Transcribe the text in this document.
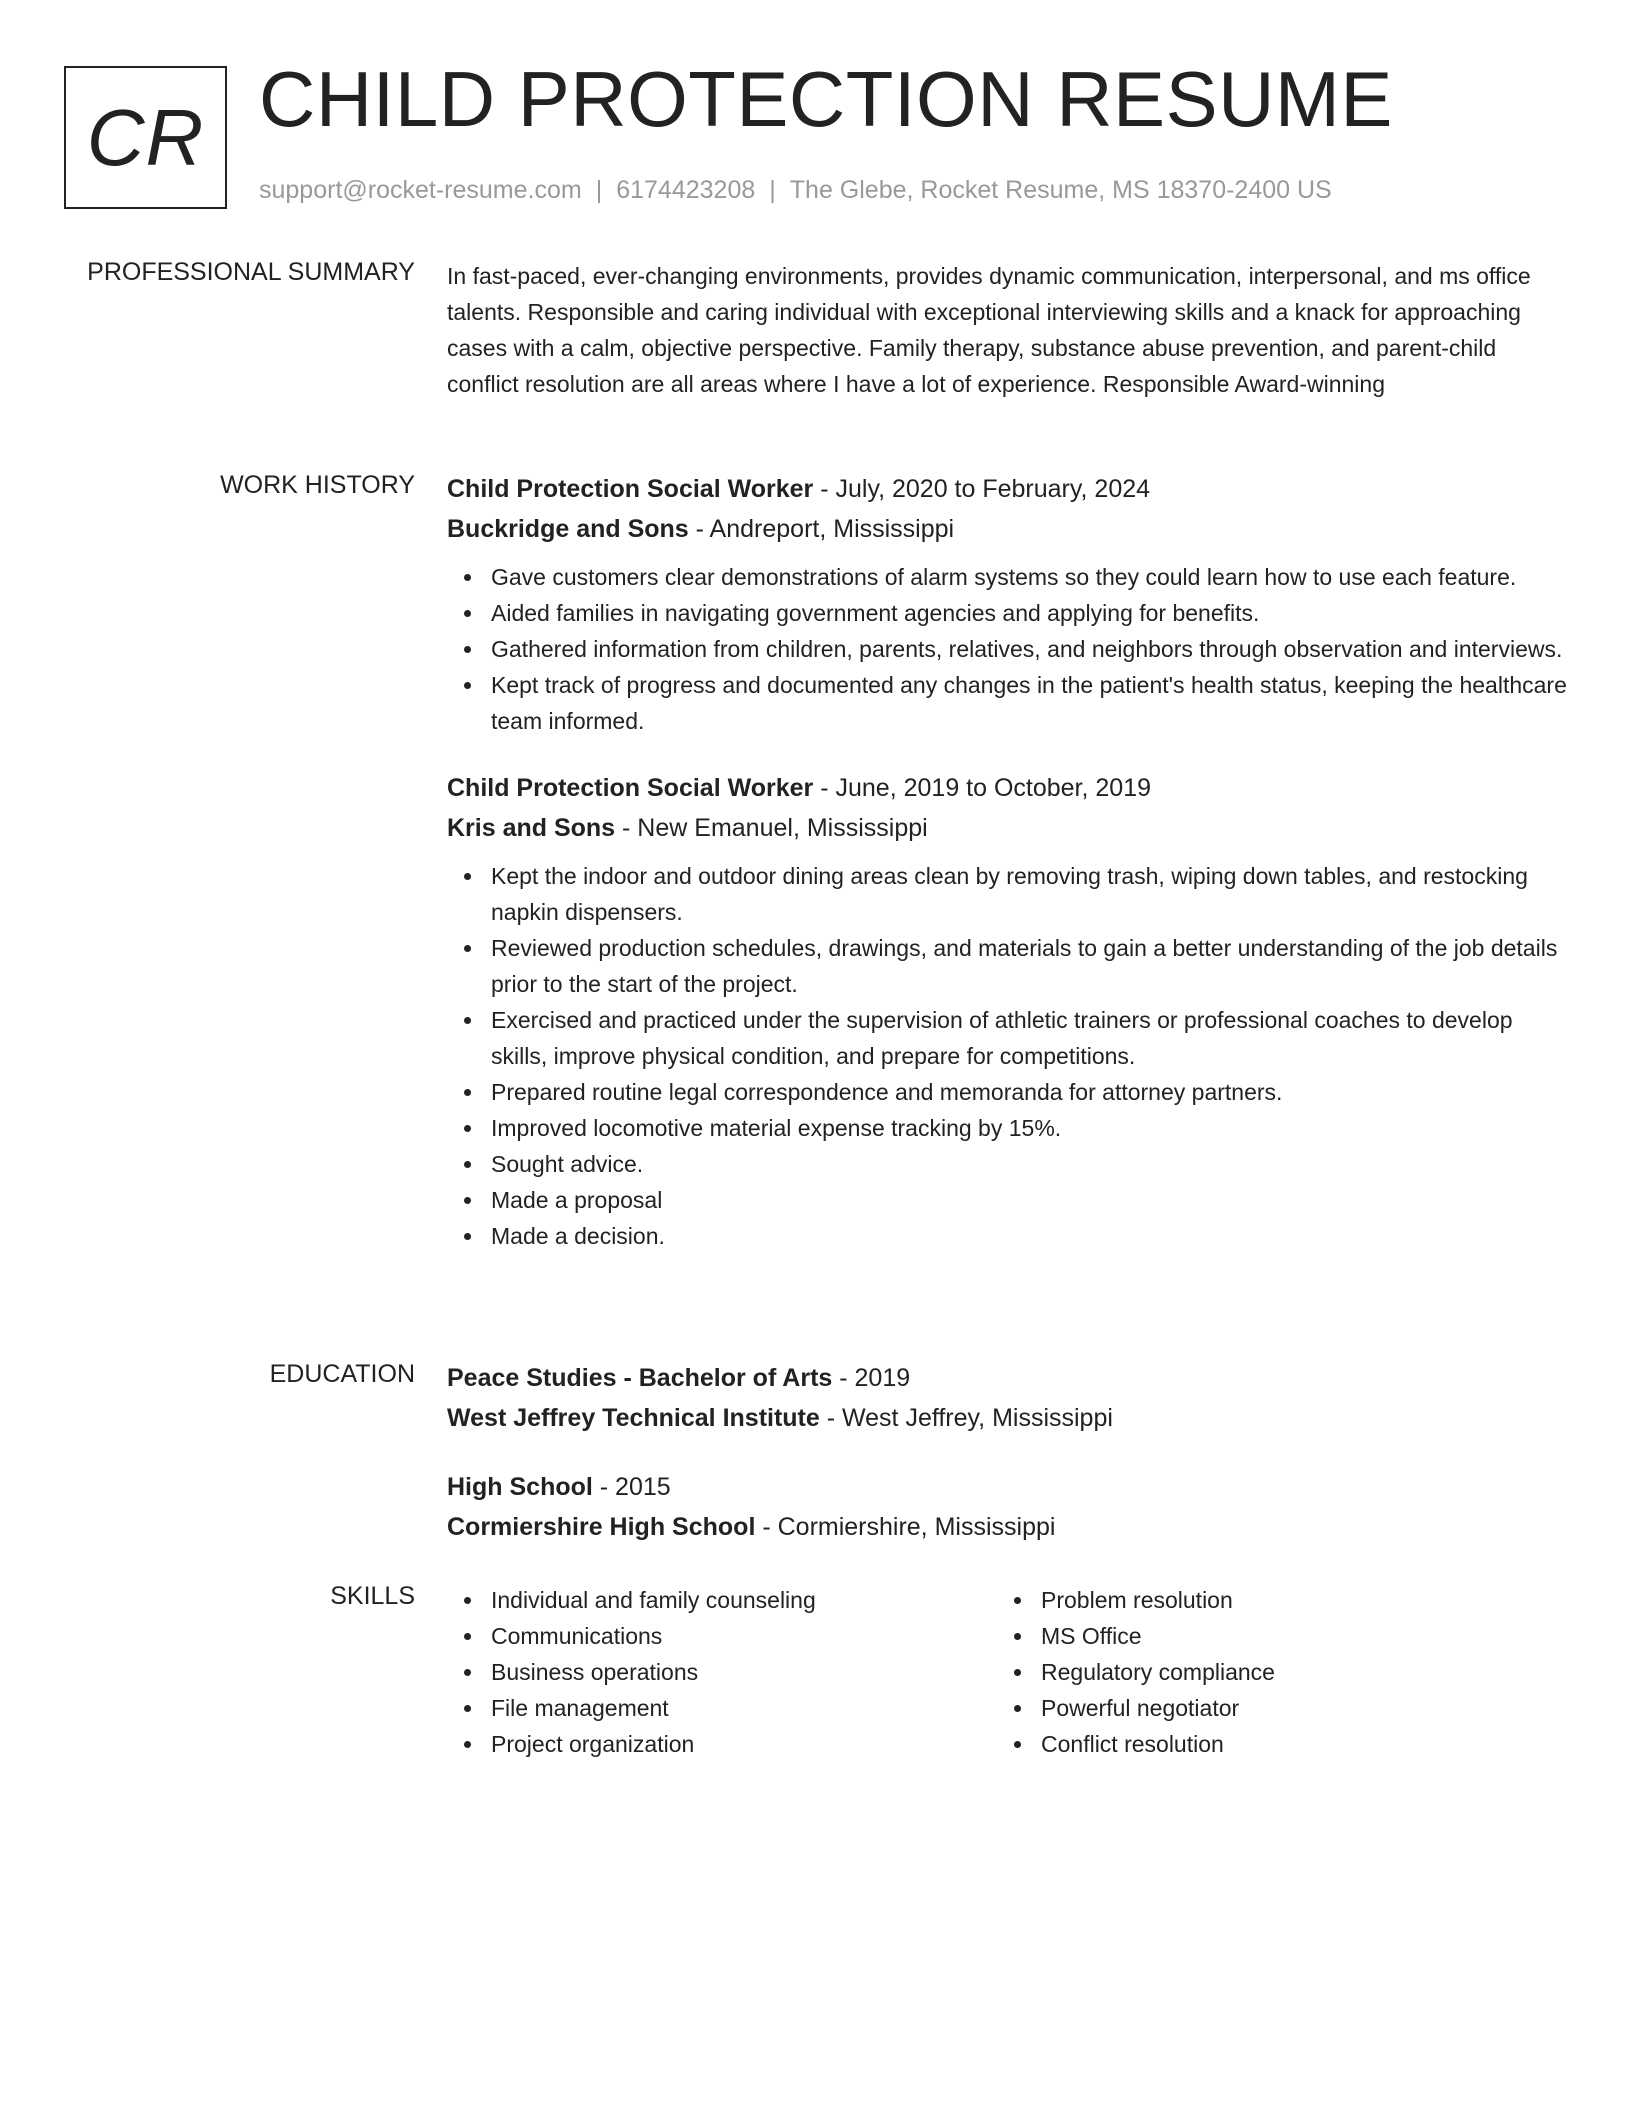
CR CHILD PROTECTION RESUME
support@rocket-resume.com | 6174423208 | The Glebe, Rocket Resume, MS 18370-2400 US
PROFESSIONAL SUMMARY In fast-paced, ever-changing environments, provides dynamic communication, interpersonal, and ms office talents. Responsible and caring individual with exceptional interviewing skills and a knack for approaching cases with a calm, objective perspective. Family therapy, substance abuse prevention, and parent-child conflict resolution are all areas where I have a lot of experience. Responsible Award-winning
WORK HISTORY Child Protection Social Worker - July, 2020 to February, 2024
Buckridge and Sons - Andreport, Mississippi
Gave customers clear demonstrations of alarm systems so they could learn how to use each feature.
Aided families in navigating government agencies and applying for benefits.
Gathered information from children, parents, relatives, and neighbors through observation and interviews.
Kept track of progress and documented any changes in the patient's health status, keeping the healthcare team informed.
Child Protection Social Worker - June, 2019 to October, 2019
Kris and Sons - New Emanuel, Mississippi
Kept the indoor and outdoor dining areas clean by removing trash, wiping down tables, and restocking napkin dispensers.
Reviewed production schedules, drawings, and materials to gain a better understanding of the job details prior to the start of the project.
Exercised and practiced under the supervision of athletic trainers or professional coaches to develop skills, improve physical condition, and prepare for competitions.
Prepared routine legal correspondence and memoranda for attorney partners.
Improved locomotive material expense tracking by 15%.
Sought advice.
Made a proposal
Made a decision.
EDUCATION Peace Studies - Bachelor of Arts - 2019
West Jeffrey Technical Institute - West Jeffrey, Mississippi
High School - 2015
Cormiershire High School - Cormiershire, Mississippi
SKILLS	Individual and family counseling
Communications
Business operations
File management
Project organization
Problem resolution
MS Office
Regulatory compliance
Powerful negotiator
Conflict resolution
